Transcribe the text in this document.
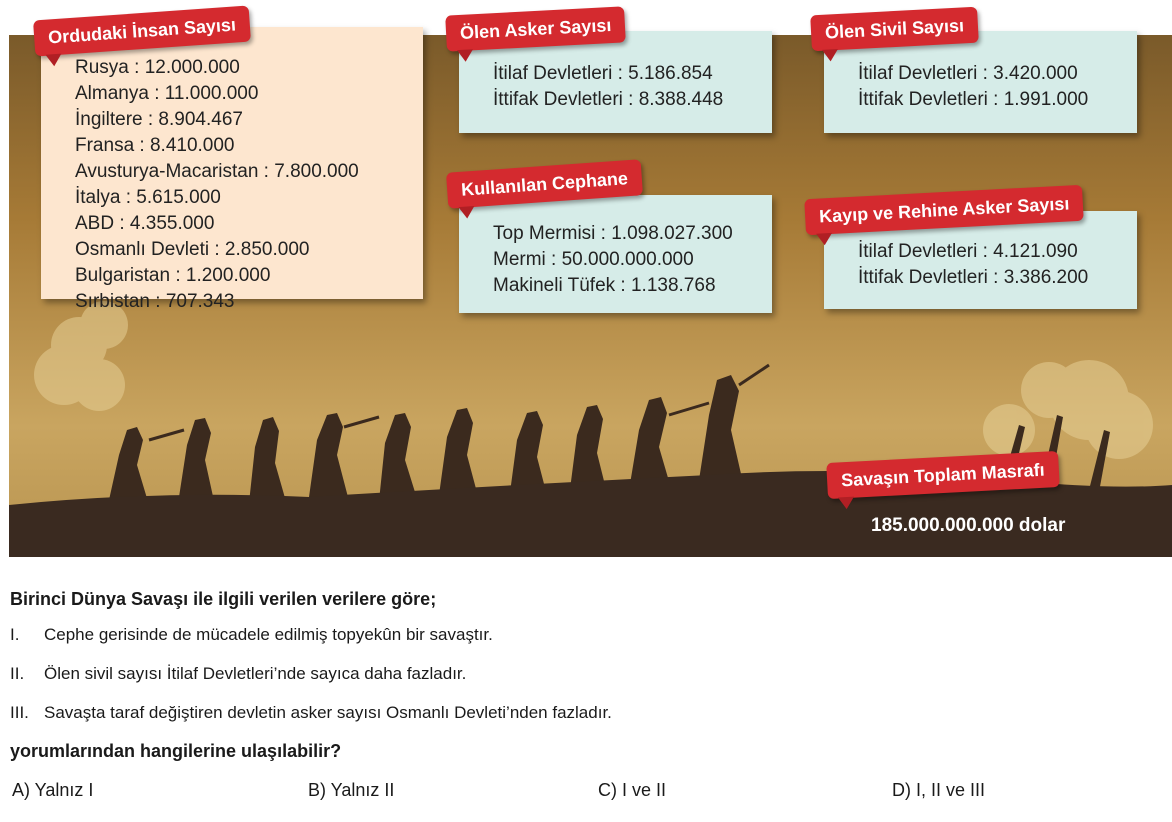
Rusya : 12.000.000
Almanya : 11.000.000
İngiltere : 8.904.467
Fransa : 8.410.000
Avusturya-Macaristan : 7.800.000
İtalya : 5.615.000
ABD : 4.355.000
Osmanlı Devleti : 2.850.000
Bulgaristan : 1.200.000
Sırbistan : 707.343
İtilaf Devletleri : 5.186.854
İttifak Devletleri : 8.388.448
İtilaf Devletleri : 3.420.000
İttifak Devletleri : 1.991.000
Top Mermisi : 1.098.027.300
Mermi : 50.000.000.000
Makineli Tüfek : 1.138.768
İtilaf Devletleri : 4.121.090
İttifak Devletleri : 3.386.200
Ordudaki İnsan Sayısı	Ölen Asker Sayısı	Ölen Sivil Sayısı
Kullanılan Cephane
Kayıp ve Rehine Asker Sayısı
Savaşın Toplam Masrafı
185.000.000.000 dolar
Birinci Dünya Savaşı ile ilgili verilen verilere göre;
I. Cephe gerisinde de mücadele edilmiş topyekûn bir savaştır.
II. Ölen sivil sayısı İtilaf Devletleri’nde sayıca daha fazladır.
III. Savaşta taraf değiştiren devletin asker sayısı Osmanlı Devleti’nden fazladır.
yorumlarından hangilerine ulaşılabilir?
A) Yalnız I	B) Yalnız II	C) I ve II	D) I, II ve III
